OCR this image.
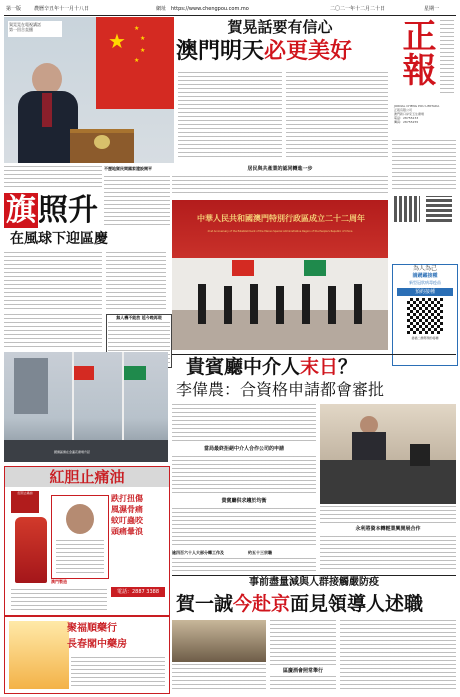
第一版	農曆辛丑年十一月十八日	網址 https://www.chengpou.com.mo	二〇二一年十二月二十日	星期一
★
★
★
★
★
賀晃晃在電視講話
第一回合直播	賀晃話要有信心
澳門明天必更美好	正報
JORNAL CHENG POU LIMITADA
正報有限公司
澳門新口岸宋玉生廣場
電話：28755233
傳真：28755255
旗照升
在風球下迎區慶
不歷地獄民間國家建設開平	居民與共產業的認同轉進一步
無人機不能放 延今晚再現
國旗區旗在金蓮花廣場升起
中華人民共和國澳門特別行政區成立二十二周年
21st Anniversary of the Establishment of the Macao Special Administrative Region of the People's Republic of China
為人為己
請踴躍接種
新型冠狀病毒疫苗
預約接種
掃描二維碼預約接種
貴賓廳中介人末日？
李偉農：合資格申請都會審批
當局最終拒絕中介人合作公司的申請
貴賓廳供求趨於均衡
逾四百六十人大部分轉工作及	約五十三宗職
永利將資本轉輕業興開展合作
紅胆止痛油
紅胆止痛油
跌打扭傷
風濕骨痛
蚊叮蟲咬
頭痛暈浪
澳門製造
電話：2887 3388
聚福順藥行
長春閣中藥房
事前盡量減與人群接觸嚴防疫
賀一誠今赴京面見領導人述職
區慶酒會照常舉行
